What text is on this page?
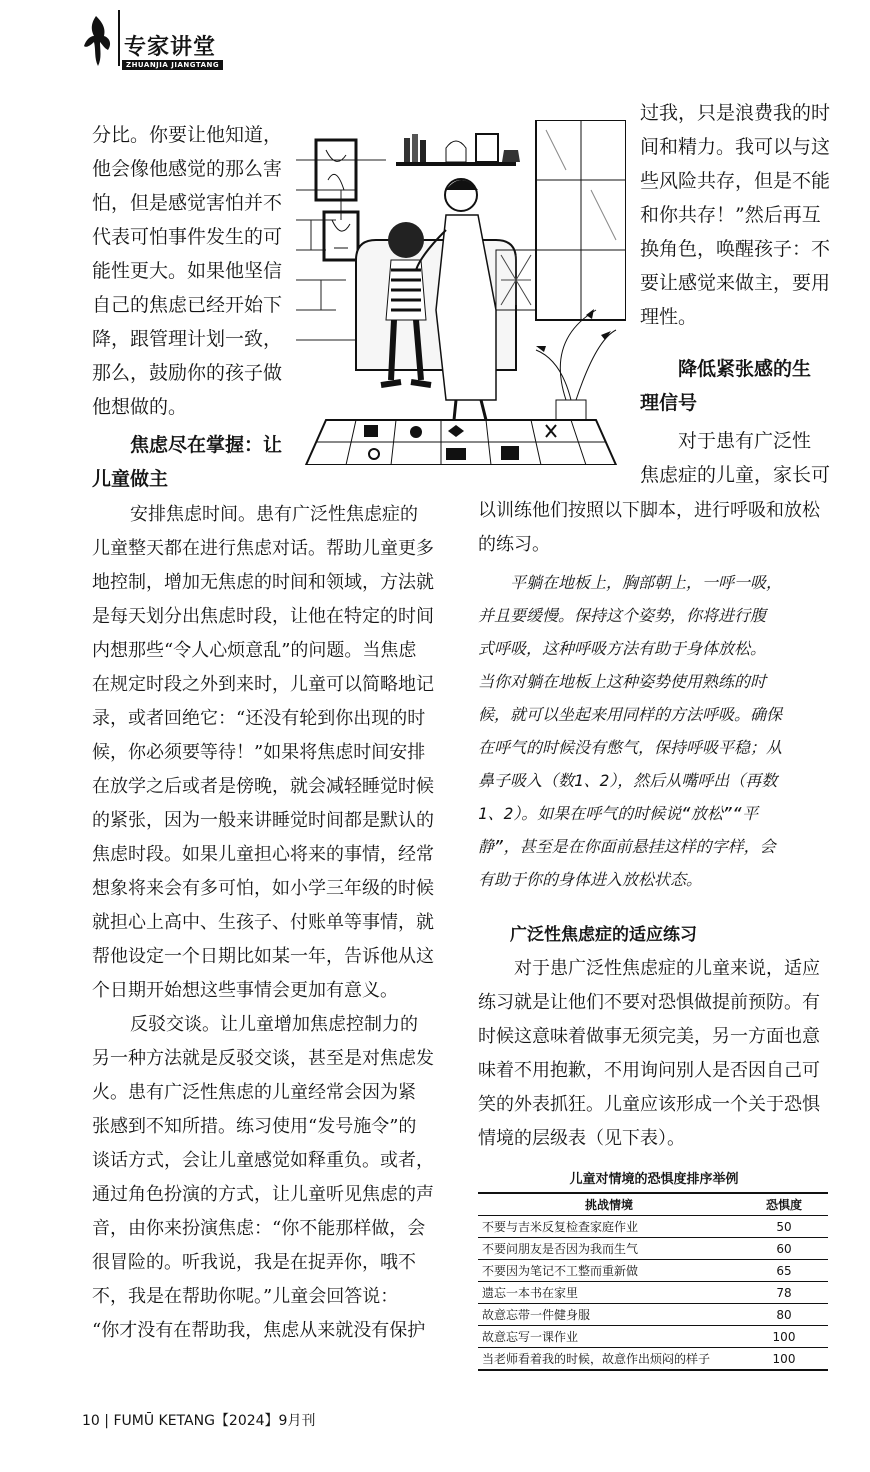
专家讲堂
ZHUANJIA JIANGTANG
分比。你要让他知道，
他会像他感觉的那么害
怕，但是感觉害怕并不
代表可怕事件发生的可
能性更大。如果他坚信
自己的焦虑已经开始下
降，跟管理计划一致，
那么，鼓励你的孩子做
他想做的。
焦虑尽在掌握：让
儿童做主
安排焦虑时间。患有广泛性焦虑症的
儿童整天都在进行焦虑对话。帮助儿童更多
地控制，增加无焦虑的时间和领域，方法就
是每天划分出焦虑时段，让他在特定的时间
内想那些“令人心烦意乱”的问题。当焦虑
在规定时段之外到来时，儿童可以简略地记
录，或者回绝它：“还没有轮到你出现的时
候，你必须要等待！”如果将焦虑时间安排
在放学之后或者是傍晚，就会减轻睡觉时候
的紧张，因为一般来讲睡觉时间都是默认的
焦虑时段。如果儿童担心将来的事情，经常
想象将来会有多可怕，如小学三年级的时候
就担心上高中、生孩子、付账单等事情，就
帮他设定一个日期比如某一年，告诉他从这
个日期开始想这些事情会更加有意义。
反驳交谈。让儿童增加焦虑控制力的
另一种方法就是反驳交谈，甚至是对焦虑发
火。患有广泛性焦虑的儿童经常会因为紧
张感到不知所措。练习使用“发号施令”的
谈话方式，会让儿童感觉如释重负。或者，
通过角色扮演的方式，让儿童听见焦虑的声
音，由你来扮演焦虑：“你不能那样做，会
很冒险的。听我说，我是在捉弄你，哦不
不，我是在帮助你呢。”儿童会回答说：
“你才没有在帮助我，焦虑从来就没有保护
过我，只是浪费我的时
间和精力。我可以与这
些风险共存，但是不能
和你共存！”然后再互
换角色，唤醒孩子：不
要让感觉来做主，要用
理性。
降低紧张感的生
理信号
对于患有广泛性
焦虑症的儿童，家长可
以训练他们按照以下脚本，进行呼吸和放松
的练习。
平躺在地板上，胸部朝上，一呼一吸，
并且要缓慢。保持这个姿势，你将进行腹
式呼吸，这种呼吸方法有助于身体放松。
当你对躺在地板上这种姿势使用熟练的时
候，就可以坐起来用同样的方法呼吸。确保
在呼气的时候没有憋气，保持呼吸平稳；从
鼻子吸入（数1、2），然后从嘴呼出（再数
1、2）。如果在呼气的时候说“放松”“平
静”，甚至是在你面前悬挂这样的字样，会
有助于你的身体进入放松状态。
广泛性焦虑症的适应练习
对于患广泛性焦虑症的儿童来说，适应
练习就是让他们不要对恐惧做提前预防。有
时候这意味着做事无须完美，另一方面也意
味着不用抱歉，不用询问别人是否因自己可
笑的外表抓狂。儿童应该形成一个关于恐惧
情境的层级表（见下表）。
儿童对情境的恐惧度排序举例
挑战情境	恐惧度
不要与吉米反复检查家庭作业	50
不要问朋友是否因为我而生气	60
不要因为笔记不工整而重新做	65
遗忘一本书在家里	78
故意忘带一件健身服	80
故意忘写一课作业	100
当老师看着我的时候，故意作出烦闷的样子	100
10 | FUMŪ KETANG【2024】9月刊
